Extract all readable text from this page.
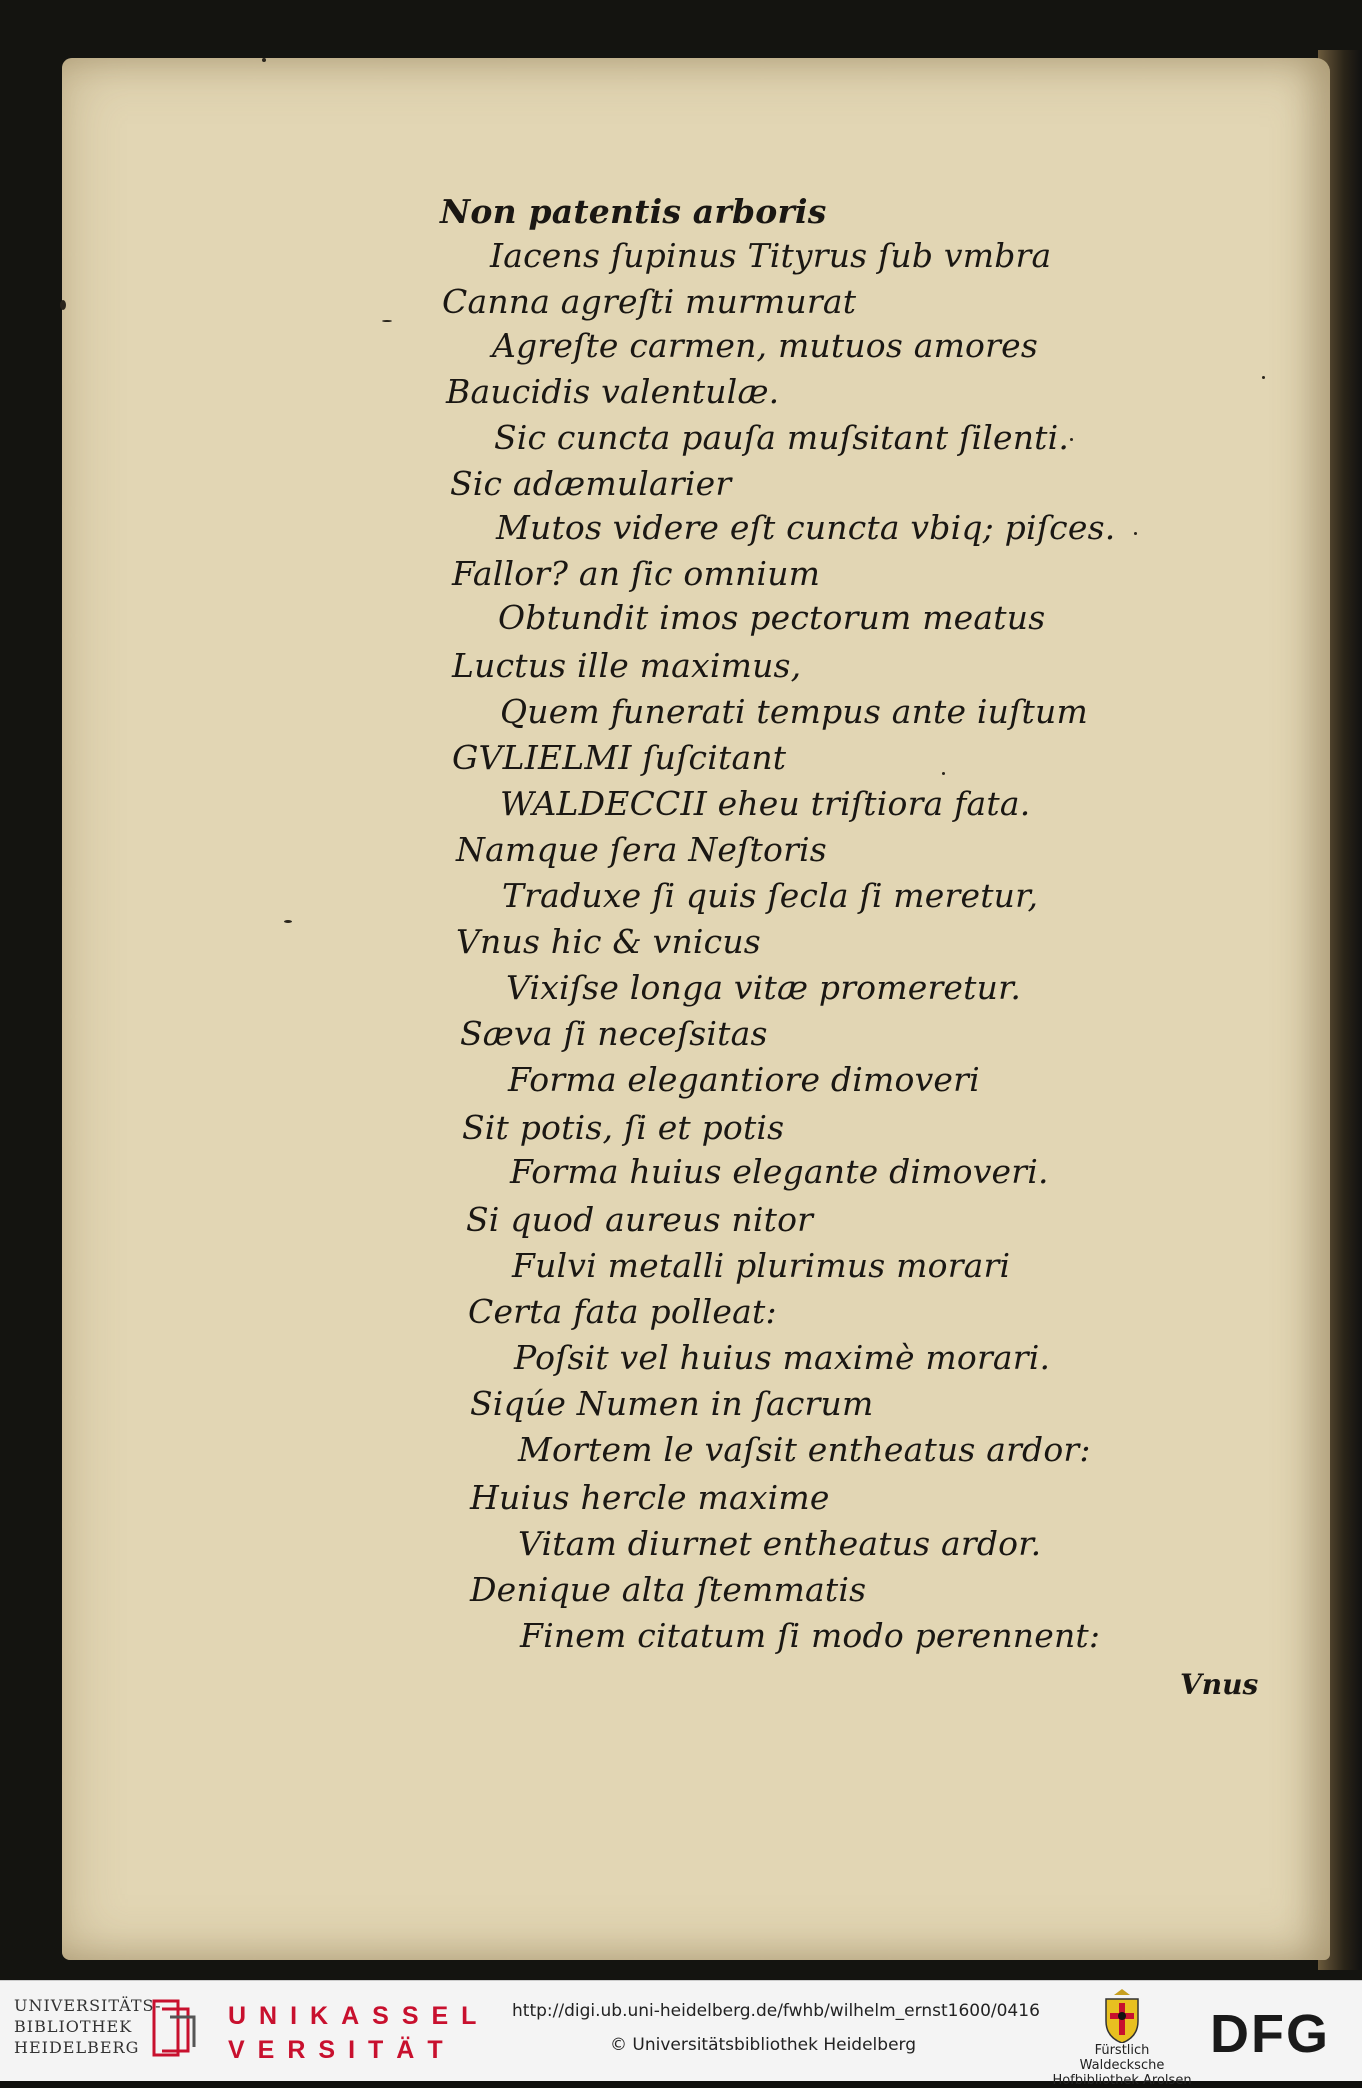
Non patentis arboris
Iacens ſupinus Tityrus ſub vmbra
Canna agreſti murmurat
Agreſte carmen, mutuos amores
Baucidis valentulæ.
Sic cuncta pauſa muſsitant ſilenti.
Sic adæmularier
Mutos videre eſt cuncta vbiq; piſces.
Fallor? an ſic omnium
Obtundit imos pectorum meatus
Luctus ille maximus,
Quem funerati tempus ante iuſtum
GVLIELMI ſuſcitant
WALDECCII eheu triſtiora fata.
Namque ſera Neſtoris
Traduxe ſi quis ſecla ſi meretur,
Vnus hic & vnicus
Vixiſse longa vitæ promeretur.
Sæva ſi neceſsitas
Forma elegantiore dimoveri
Sit potis, ſi et potis
Forma huius elegante dimoveri.
Si quod aureus nitor
Fulvi metalli plurimus morari
Certa fata polleat:
Poſsit vel huius maximè morari.
Siqúe Numen in ſacrum
Mortem le vaſsit entheatus ardor:
Huius hercle maxime
Vitam diurnet entheatus ardor.
Denique alta ſtemmatis
Finem citatum ſi modo perennent:
Vnus
UNIVERSITÄTS-
BIBLIOTHEK
HEIDELBERG
UNIKASSEL
VERSITÄT
http://digi.ub.uni-heidelberg.de/fwhb/wilhelm_ernst1600/0416
© Universitätsbibliothek Heidelberg	Fürstlich Waldecksche
Hofbibliothek Arolsen
DFG
